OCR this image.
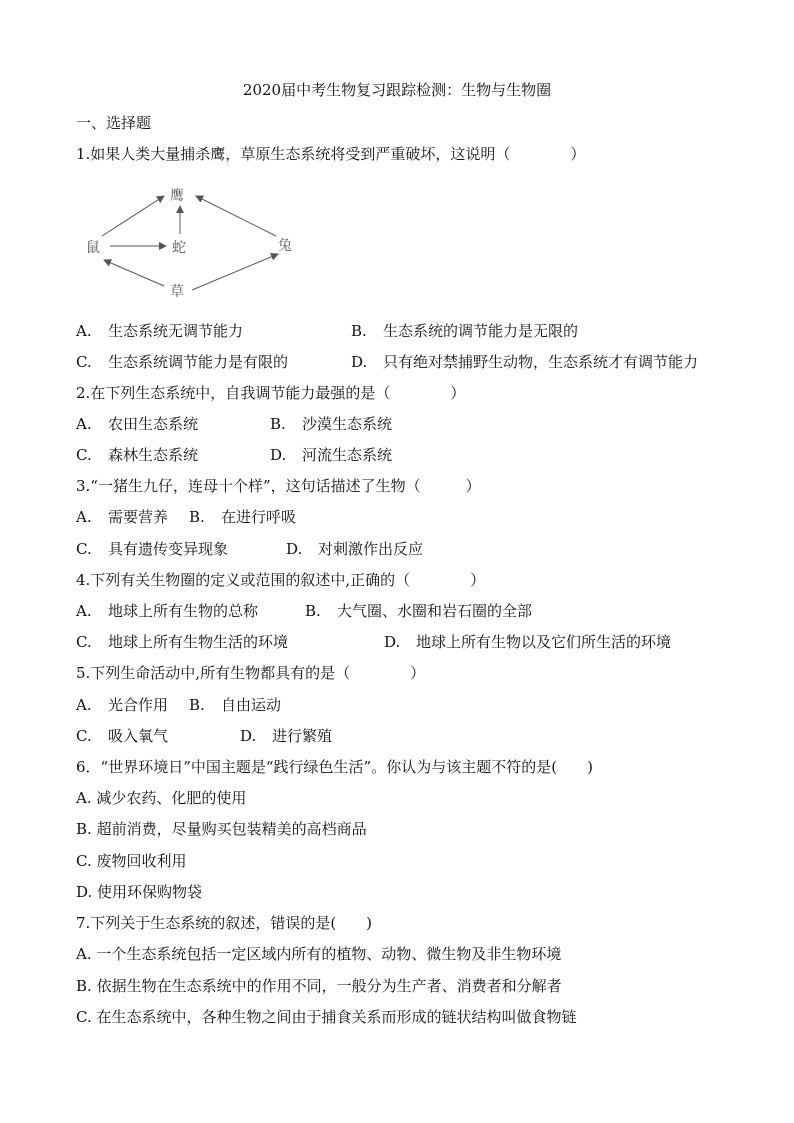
2020届中考生物复习跟踪检测：生物与生物圈
一、选择题
1.如果人类大量捕杀鹰，草原生态系统将受到严重破坏，这说明（　　　　）
鹰
鼠	蛇	兔
草
A. 生态系统无调节能力	B. 生态系统的调节能力是无限的
C. 生态系统调节能力是有限的	D. 只有绝对禁捕野生动物，生态系统才有调节能力
2.在下列生态系统中，自我调节能力最强的是（　　　　）
A. 农田生态系统	B. 沙漠生态系统
C. 森林生态系统	D. 河流生态系统
3.“一猪生九仔，连母十个样”，这句话描述了生物（　　　）
A. 需要营养 B. 在进行呼吸
C. 具有遗传变异现象	D. 对刺激作出反应
4.下列有关生物圈的定义或范围的叙述中,正确的（　　　　）
A. 地球上所有生物的总称	B. 大气圈、水圈和岩石圈的全部
C. 地球上所有生物生活的环境	D. 地球上所有生物以及它们所生活的环境
5.下列生命活动中,所有生物都具有的是（　　　　）
A. 光合作用 B. 自由运动
C. 吸入氧气	D. 进行繁殖
6．“世界环境日”中国主题是“践行绿色生活”。你认为与该主题不符的是(　　)
A. 减少农药、化肥的使用
B. 超前消费，尽量购买包装精美的高档商品
C. 废物回收利用
D. 使用环保购物袋
7.下列关于生态系统的叙述，错误的是(　　)
A. 一个生态系统包括一定区域内所有的植物、动物、微生物及非生物环境
B. 依据生物在生态系统中的作用不同，一般分为生产者、消费者和分解者
C. 在生态系统中，各种生物之间由于捕食关系而形成的链状结构叫做食物链
